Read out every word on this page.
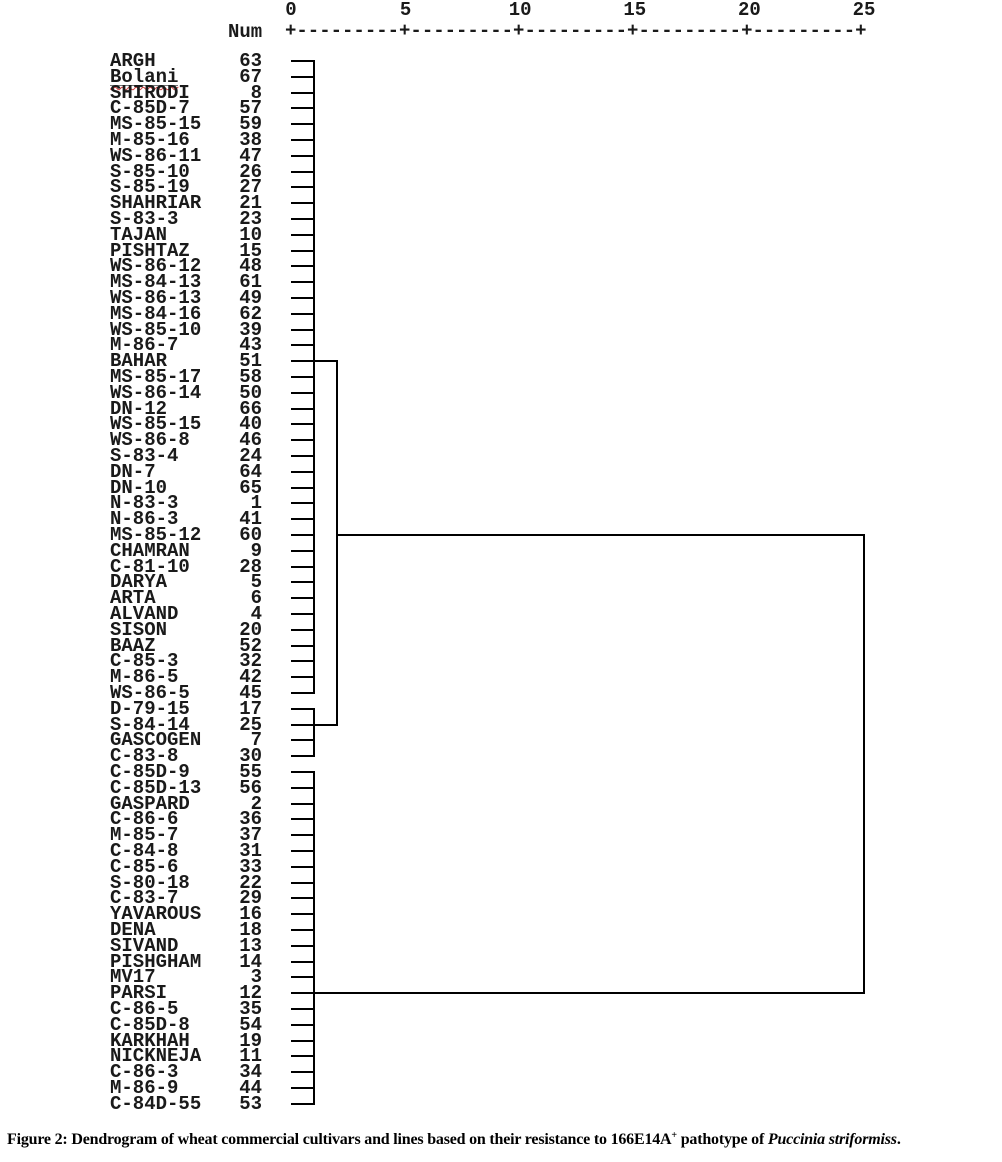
Num +---------+---------+---------+---------+---------+
0	5	10	15	20	25
ARGH	63
Bolani	67
SHIRODI	8
C-85D-7	57
MS-85-15	59
M-85-16	38
WS-86-11	47
S-85-10	26
S-85-19	27
SHAHRIAR	21
S-83-3	23
TAJAN	10
PISHTAZ	15
WS-86-12	48
MS-84-13	61
WS-86-13	49
MS-84-16	62
WS-85-10	39
M-86-7	43
BAHAR	51
MS-85-17	58
WS-86-14	50
DN-12	66
WS-85-15	40
WS-86-8	46
S-83-4	24
DN-7	64
DN-10	65
N-83-3	1
N-86-3	41
MS-85-12	60
CHAMRAN	9
C-81-10	28
DARYA	5
ARTA	6
ALVAND	4
SISON	20
BAAZ	52
C-85-3	32
M-86-5	42
WS-86-5	45
D-79-15	17
S-84-14	25
GASCOGEN	7
C-83-8	30
C-85D-9	55
C-85D-13	56
GASPARD	2
C-86-6	36
M-85-7	37
C-84-8	31
C-85-6	33
S-80-18	22
C-83-7	29
YAVAROUS	16
DENA	18
SIVAND	13
PISHGHAM	14
MV17	3
PARSI	12
C-86-5	35
C-85D-8	54
KARKHAH	19
NICKNEJA	11
C-86-3	34
M-86-9	44
C-84D-55	53
Figure 2: Dendrogram of wheat commercial cultivars and lines based on their resistance to 166E14A+ pathotype of Puccinia striformiss.
